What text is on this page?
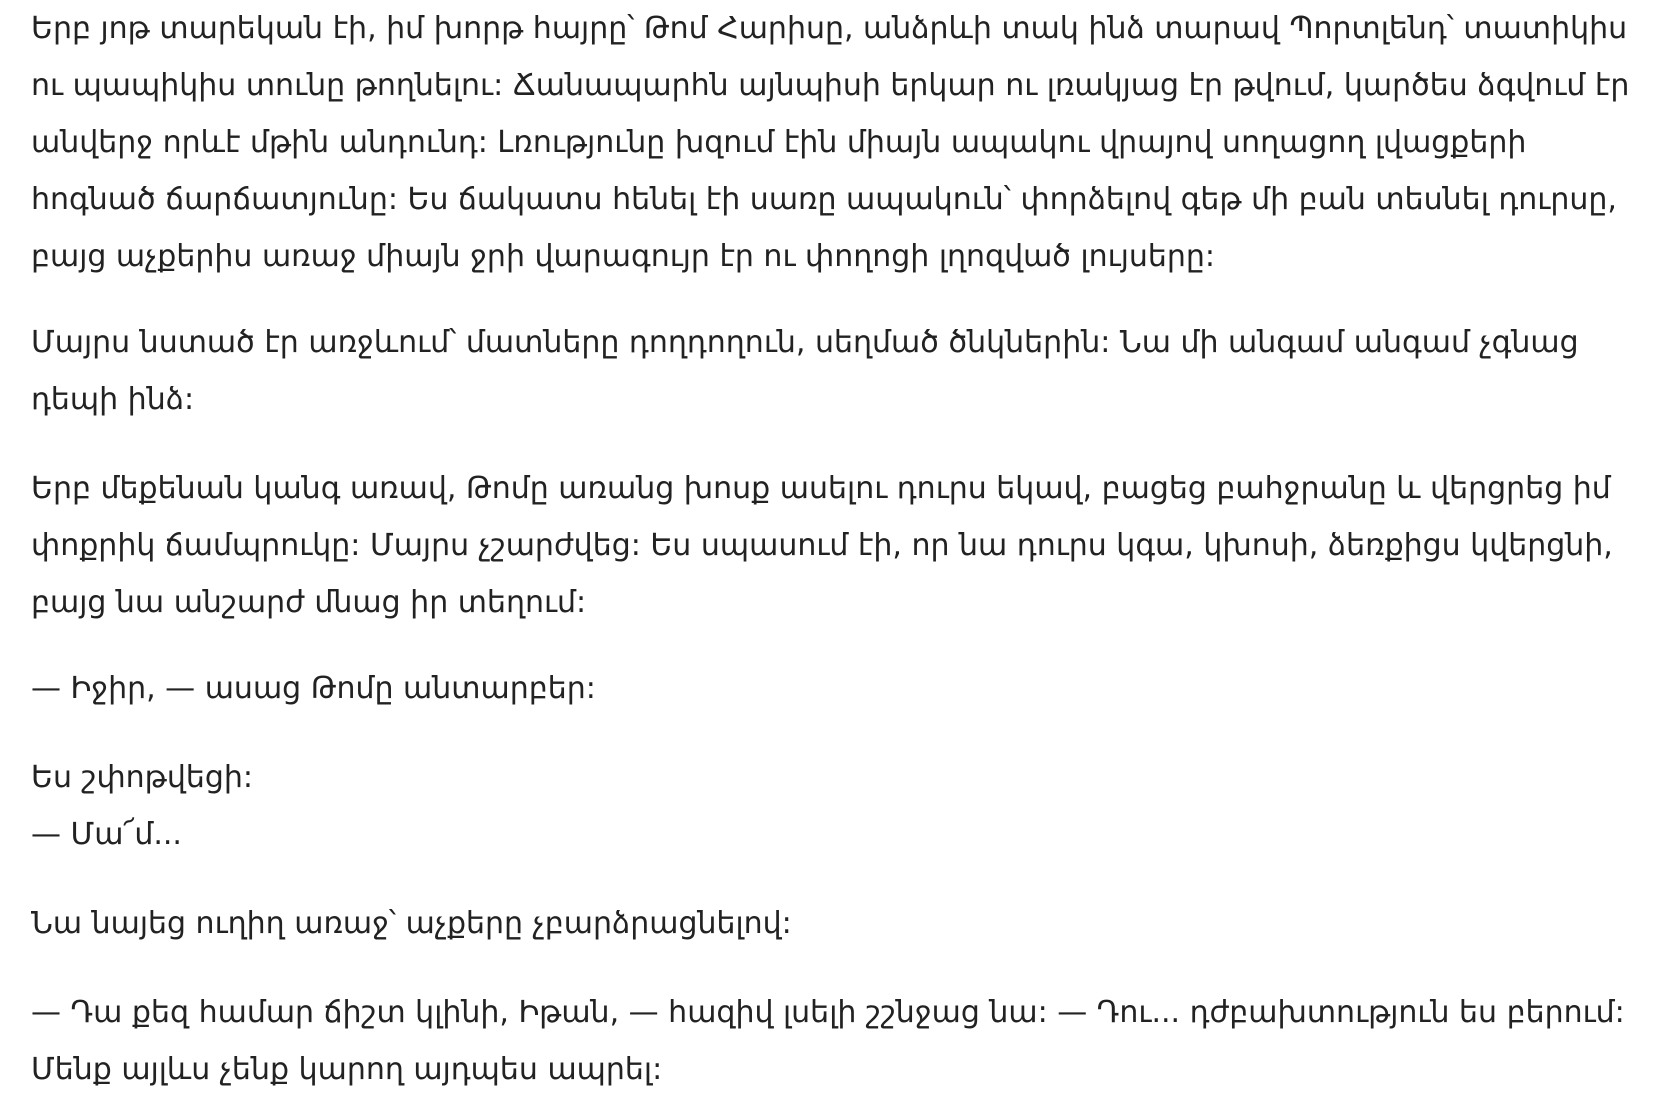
Երբ յոթ տարեկան էի, իմ խորթ հայրը՝ Թոմ Հարիսը, անձրևի տակ ինձ տարավ Պորտլենդ՝ տատիկիս
ու պապիկիս տունը թողնելու: Ճանապարհն այնպիսի երկար ու լռակյաց էր թվում, կարծես ձգվում էր
անվերջ որևէ մթին անդունդ: Լռությունը խզում էին միայն ապակու վրայով սողացող լվացքերի
հոգնած ճարճատյունը: Ես ճակատս հենել էի սառը ապակուն՝ փորձելով գեթ մի բան տեսնել դուրսը,
բայց աչքերիս առաջ միայն ջրի վարագույր էր ու փողոցի լղոզված լույսերը:

Մայրս նստած էր առջևում՝ մատները դողդողուն, սեղմած ծնկներին: Նա մի անգամ անգամ չգնաց
դեպի ինձ:

Երբ մեքենան կանգ առավ, Թոմը առանց խոսք ասելու դուրս եկավ, բացեց բահջրանը և վերցրեց իմ
փոքրիկ ճամպրուկը: Մայրս չշարժվեց: Ես սպասում էի, որ նա դուրս կգա, կխոսի, ձեռքիցս կվերցնի,
բայց նա անշարժ մնաց իր տեղում:

— Իջիր, — ասաց Թոմը անտարբեր:

Ես շփոթվեցի:
— Մա՜մ...

Նա նայեց ուղիղ առաջ՝ աչքերը չբարձրացնելով:

— Դա քեզ համար ճիշտ կլինի, Իթան, — հազիվ լսելի շշնջաց նա: — Դու... դժբախտություն ես բերում:
Մենք այլևս չենք կարող այդպես ապրել:
